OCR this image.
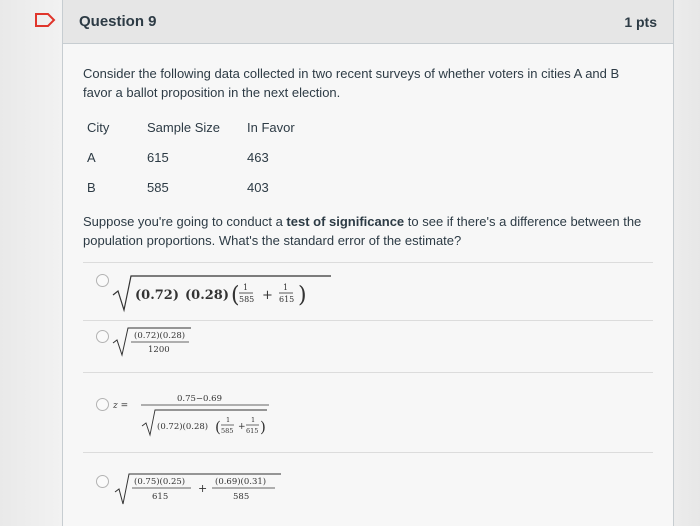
Question 9	1 pts
Consider the following data collected in two recent surveys of whether voters in cities A and B favor a ballot proposition in the next election.
City	Sample Size	In Favor
A	615	463
B	585	403
Suppose you're going to conduct a test of significance to see if there's a difference between the population proportions. What's the standard error of the estimate?
(0.72) (0.28) ( 1
585 +
1
615 )
(0.72)(0.28)
1200
z =
0.75−0.69
(0.72)(0.28) ( 1
585 +
1
615 )
(0.75)(0.25)
615
+ (0.69)(0.31)
585
